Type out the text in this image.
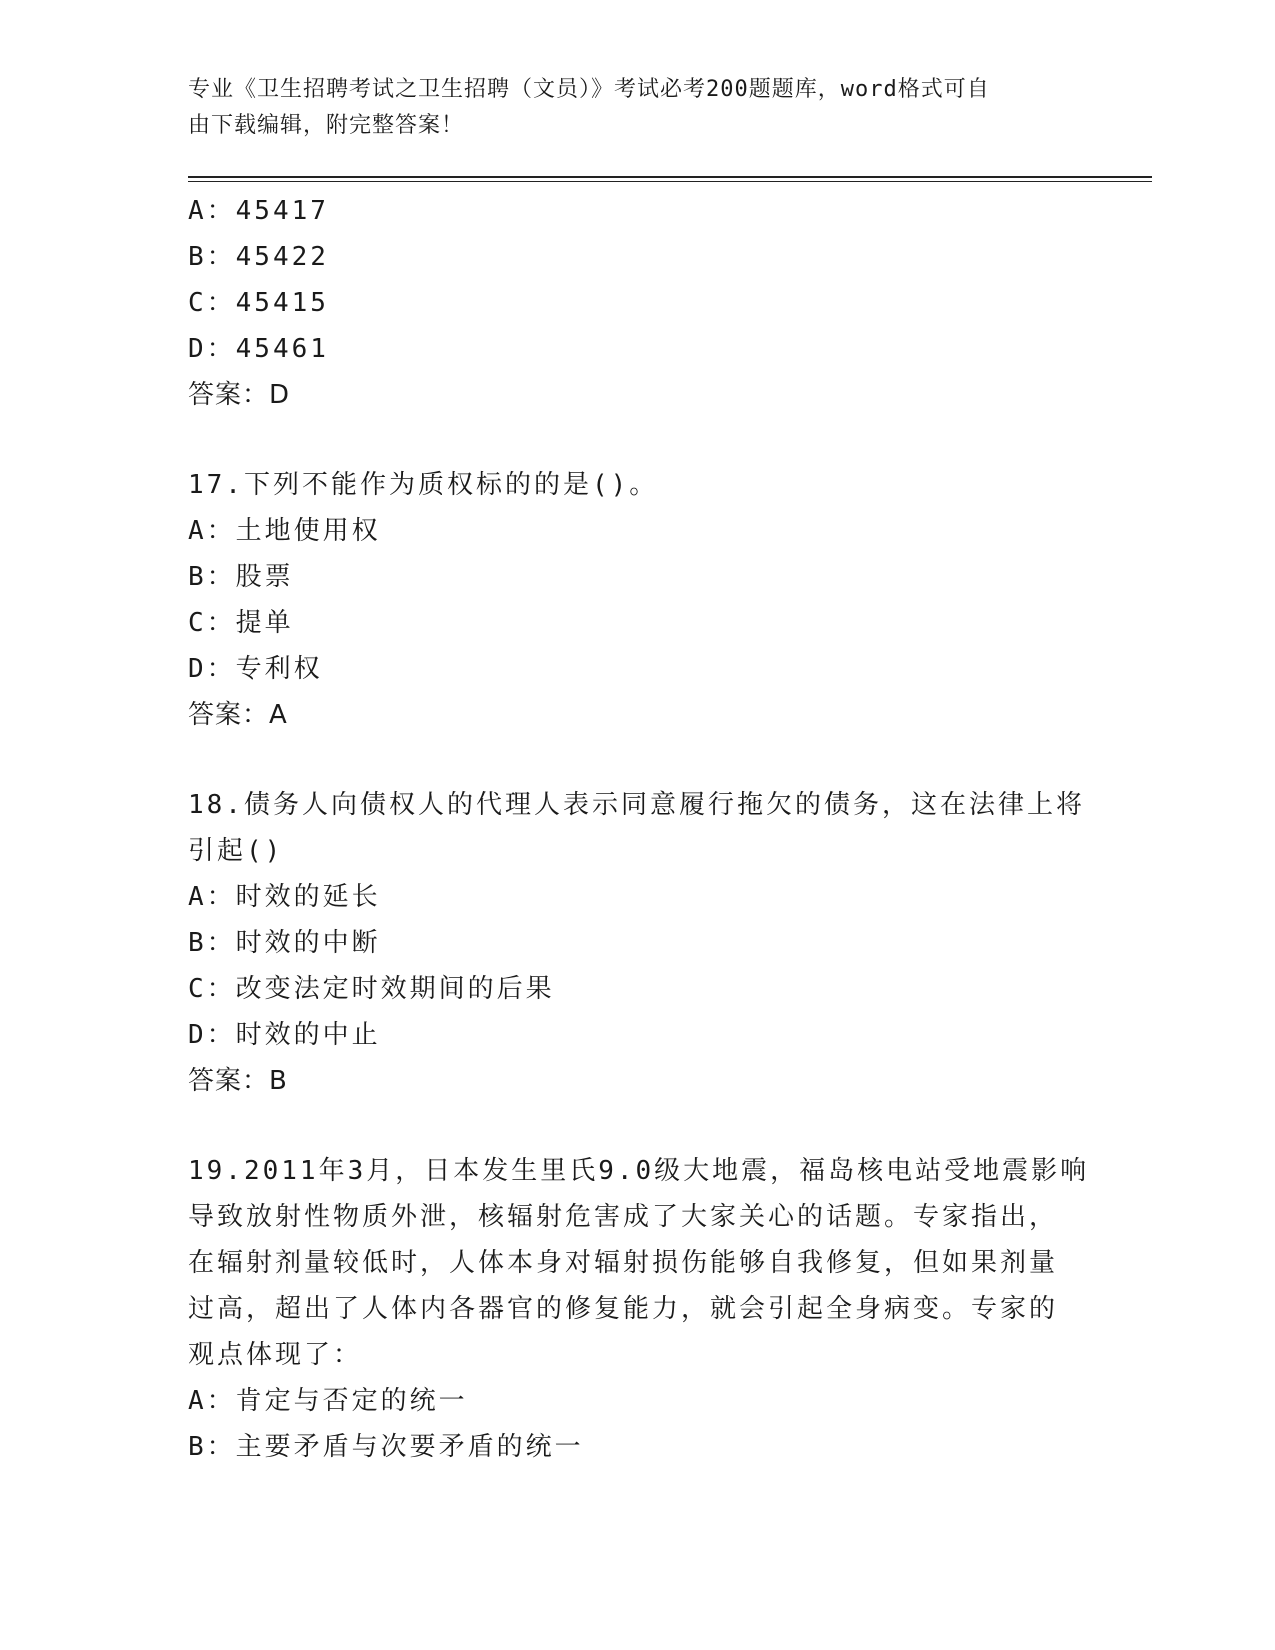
专业《卫生招聘考试之卫生招聘（文员）》考试必考200题题库，word格式可自
由下载编辑，附完整答案！
A：45417
B：45422
C：45415
D：45461
答案：D
17.下列不能作为质权标的的是()。
A：土地使用权
B：股票
C：提单
D：专利权
答案：A
18.债务人向债权人的代理人表示同意履行拖欠的债务，这在法律上将
引起()
A：时效的延长
B：时效的中断
C：改变法定时效期间的后果
D：时效的中止
答案：B
19.2011年3月，日本发生里氏9.0级大地震，福岛核电站受地震影响
导致放射性物质外泄，核辐射危害成了大家关心的话题。专家指出，
在辐射剂量较低时，人体本身对辐射损伤能够自我修复，但如果剂量
过高，超出了人体内各器官的修复能力，就会引起全身病变。专家的
观点体现了：
A：肯定与否定的统一
B：主要矛盾与次要矛盾的统一
